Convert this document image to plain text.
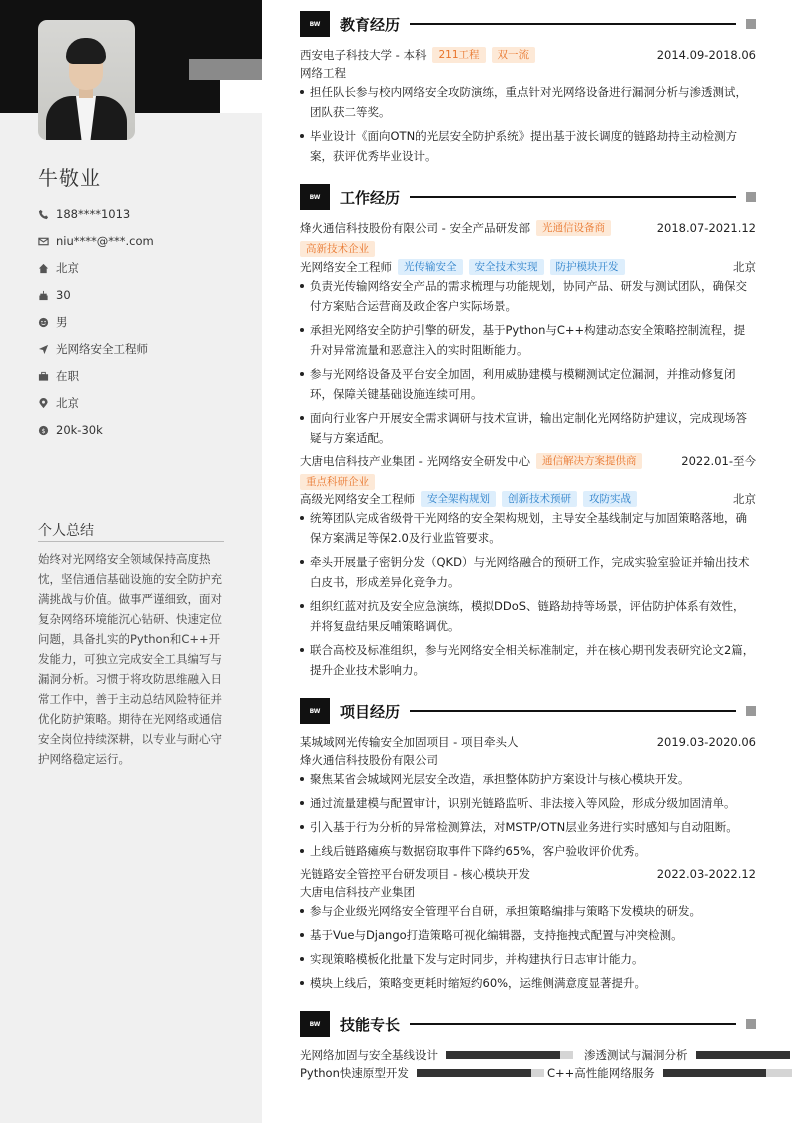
牛敬业
188****1013
niu****@***.com
北京
30
男
光网络安全工程师
在职
北京
$ 20k-30k
个人总结
始终对光网络安全领域保持高度热忱，坚信通信基础设施的安全防护充满挑战与价值。做事严谨细致，面对复杂网络环境能沉心钻研、快速定位问题，具备扎实的Python和C++开发能力，可独立完成安全工具编写与漏洞分析。习惯于将攻防思维融入日常工作中，善于主动总结风险特征并优化防护策略。期待在光网络或通信安全岗位持续深耕，以专业与耐心守护网络稳定运行。
BW	教育经历
西安电子科技大学 - 本科	211工程	双一流	2014.09-2018.06
网络工程
担任队长参与校内网络安全攻防演练，重点针对光网络设备进行漏洞分析与渗透测试，团队获二等奖。
毕业设计《面向OTN的光层安全防护系统》提出基于波长调度的链路劫持主动检测方案，获评优秀毕业设计。
BW	工作经历
烽火通信科技股份有限公司 - 安全产品研发部	光通信设备商	2018.07-2021.12
高新技术企业
光网络安全工程师	光传输安全	安全技术实现	防护模块开发	北京
负责光传输网络安全产品的需求梳理与功能规划，协同产品、研发与测试团队，确保交付方案贴合运营商及政企客户实际场景。
承担光网络安全防护引擎的研发，基于Python与C++构建动态安全策略控制流程，提升对异常流量和恶意注入的实时阻断能力。
参与光网络设备及平台安全加固，利用威胁建模与模糊测试定位漏洞，并推动修复闭环，保障关键基础设施连续可用。
面向行业客户开展安全需求调研与技术宣讲，输出定制化光网络防护建议，完成现场答疑与方案适配。
大唐电信科技产业集团 - 光网络安全研发中心	通信解决方案提供商	2022.01-至今
重点科研企业
高级光网络安全工程师	安全架构规划	创新技术预研	攻防实战	北京
统筹团队完成省级骨干光网络的安全架构规划，主导安全基线制定与加固策略落地，确保方案满足等保2.0及行业监管要求。
牵头开展量子密钥分发（QKD）与光网络融合的预研工作，完成实验室验证并输出技术白皮书，形成差异化竞争力。
组织红蓝对抗及安全应急演练，模拟DDoS、链路劫持等场景，评估防护体系有效性，并将复盘结果反哺策略调优。
联合高校及标准组织，参与光网络安全相关标准制定，并在核心期刊发表研究论文2篇，提升企业技术影响力。
BW	项目经历
某城域网光传输安全加固项目 - 项目牵头人	2019.03-2020.06
烽火通信科技股份有限公司
聚焦某省会城域网光层安全改造，承担整体防护方案设计与核心模块开发。
通过流量建模与配置审计，识别光链路监听、非法接入等风险，形成分级加固清单。
引入基于行为分析的异常检测算法，对MSTP/OTN层业务进行实时感知与自动阻断。
上线后链路瘫痪与数据窃取事件下降约65%，客户验收评价优秀。
光链路安全管控平台研发项目 - 核心模块开发	2022.03-2022.12
大唐电信科技产业集团
参与企业级光网络安全管理平台自研，承担策略编排与策略下发模块的研发。
基于Vue与Django打造策略可视化编辑器，支持拖拽式配置与冲突检测。
实现策略模板化批量下发与定时同步，并构建执行日志审计能力。
模块上线后，策略变更耗时缩短约60%，运维侧满意度显著提升。
BW	技能专长
光网络加固与安全基线设计	渗透测试与漏洞分析
Python快速原型开发	C++高性能网络服务
